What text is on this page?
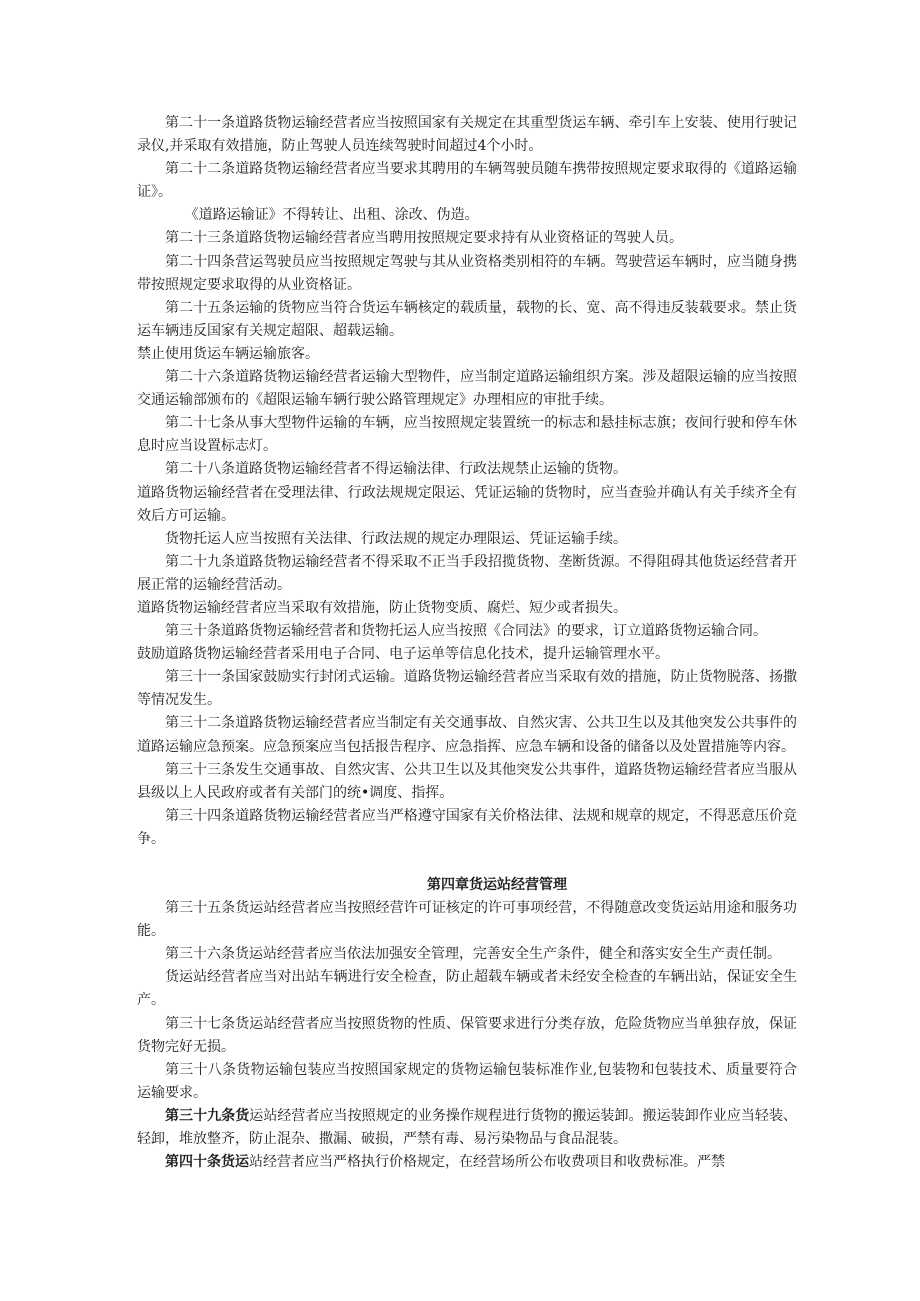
第二十一条道路货物运输经营者应当按照国家有关规定在其重型货运车辆、牵引车上安装、使用行驶记录仪,并采取有效措施，防止驾驶人员连续驾驶时间超过4个小时。

第二十二条道路货物运输经营者应当要求其聘用的车辆驾驶员随车携带按照规定要求取得的《道路运输证》。

《道路运输证》不得转让、出租、涂改、伪造。

第二十三条道路货物运输经营者应当聘用按照规定要求持有从业资格证的驾驶人员。

第二十四条营运驾驶员应当按照规定驾驶与其从业资格类别相符的车辆。驾驶营运车辆时，应当随身携带按照规定要求取得的从业资格证。

第二十五条运输的货物应当符合货运车辆核定的载质量，载物的长、宽、高不得违反装载要求。禁止货运车辆违反国家有关规定超限、超载运输。

禁止使用货运车辆运输旅客。

第二十六条道路货物运输经营者运输大型物件，应当制定道路运输组织方案。涉及超限运输的应当按照交通运输部颁布的《超限运输车辆行驶公路管理规定》办理相应的审批手续。

第二十七条从事大型物件运输的车辆，应当按照规定装置统一的标志和悬挂标志旗；夜间行驶和停车休息时应当设置标志灯。

第二十八条道路货物运输经营者不得运输法律、行政法规禁止运输的货物。

道路货物运输经营者在受理法律、行政法规规定限运、凭证运输的货物时，应当查验并确认有关手续齐全有效后方可运输。

货物托运人应当按照有关法律、行政法规的规定办理限运、凭证运输手续。

第二十九条道路货物运输经营者不得采取不正当手段招揽货物、垄断货源。不得阻碍其他货运经营者开展正常的运输经营活动。

道路货物运输经营者应当采取有效措施，防止货物变质、腐烂、短少或者损失。

第三十条道路货物运输经营者和货物托运人应当按照《合同法》的要求，订立道路货物运输合同。

鼓励道路货物运输经营者采用电子合同、电子运单等信息化技术，提升运输管理水平。

第三十一条国家鼓励实行封闭式运输。道路货物运输经营者应当采取有效的措施，防止货物脱落、扬撒等情况发生。

第三十二条道路货物运输经营者应当制定有关交通事故、自然灾害、公共卫生以及其他突发公共事件的道路运输应急预案。应急预案应当包括报告程序、应急指挥、应急车辆和设备的储备以及处置措施等内容。

第三十三条发生交通事故、自然灾害、公共卫生以及其他突发公共事件，道路货物运输经营者应当服从县级以上人民政府或者有关部门的统•调度、指挥。

第三十四条道路货物运输经营者应当严格遵守国家有关价格法律、法规和规章的规定，不得恶意压价竞争。

第四章货运站经营管理

第三十五条货运站经营者应当按照经营许可证核定的许可事项经营，不得随意改变货运站用途和服务功能。

第三十六条货运站经营者应当依法加强安全管理，完善安全生产条件，健全和落实安全生产责任制。

货运站经营者应当对出站车辆进行安全检查，防止超载车辆或者未经安全检查的车辆出站，保证安全生产。

第三十七条货运站经营者应当按照货物的性质、保管要求进行分类存放，危险货物应当单独存放，保证货物完好无损。

第三十八条货物运输包装应当按照国家规定的货物运输包装标准作业,包装物和包装技术、质量要符合运输要求。

第三十九条货运站经营者应当按照规定的业务操作规程进行货物的搬运装卸。搬运装卸作业应当轻装、轻卸，堆放整齐，防止混杂、撒漏、破损，严禁有毒、易污染物品与食品混装。

第四十条货运站经营者应当严格执行价格规定，在经营场所公布收费项目和收费标准。严禁
